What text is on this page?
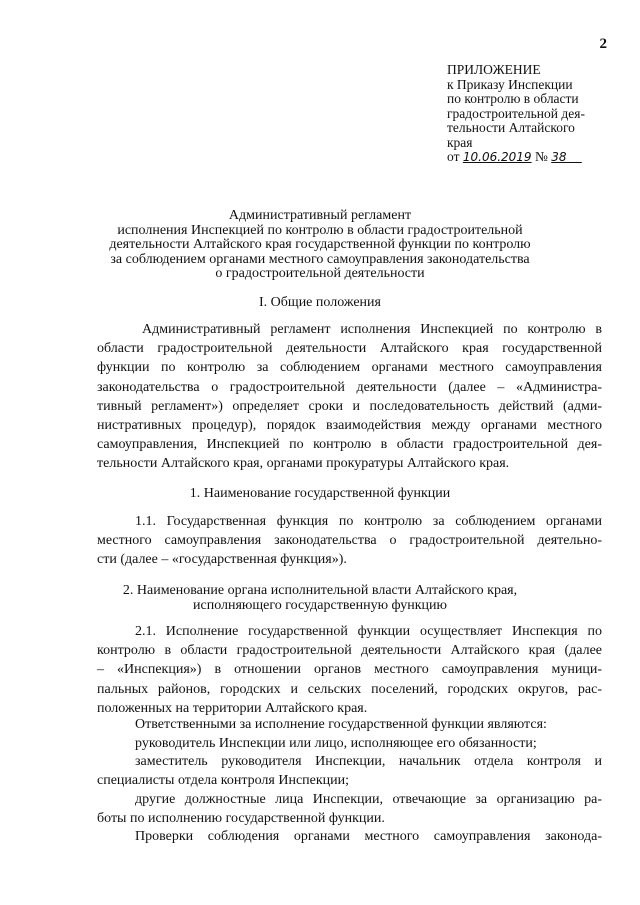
2
ПРИЛОЖЕНИЕ
к Приказу Инспекции
по контролю в области
градостроительной дея-
тельности Алтайского
края
от 10.06.2019 № 38
Административный регламент
исполнения Инспекцией по контролю в области градостроительной
деятельности Алтайского края государственной функции по контролю
за соблюдением органами местного самоуправления законодательства
о градостроительной деятельности
I. Общие положения
Административный регламент исполнения Инспекцией по контролю в
области градостроительной деятельности Алтайского края государственной
функции по контролю за соблюдением органами местного самоуправления
законодательства о градостроительной деятельности (далее – «Администра-
тивный регламент») определяет сроки и последовательность действий (адми-
нистративных процедур), порядок взаимодействия между органами местного
самоуправления, Инспекцией по контролю в области градостроительной дея-
тельности Алтайского края, органами прокуратуры Алтайского края.
1. Наименование государственной функции
1.1. Государственная функция по контролю за соблюдением органами
местного самоуправления законодательства о градостроительной деятельно-
сти (далее – «государственная функция»).
2. Наименование органа исполнительной власти Алтайского края,
исполняющего государственную функцию
2.1. Исполнение государственной функции осуществляет Инспекция по
контролю в области градостроительной деятельности Алтайского края (далее
– «Инспекция») в отношении органов местного самоуправления муници-
пальных районов, городских и сельских поселений, городских округов, рас-
положенных на территории Алтайского края.
Ответственными за исполнение государственной функции являются:
руководитель Инспекции или лицо, исполняющее его обязанности;
заместитель руководителя Инспекции, начальник отдела контроля и
специалисты отдела контроля Инспекции;
другие должностные лица Инспекции, отвечающие за организацию ра-
боты по исполнению государственной функции.
Проверки соблюдения органами местного самоуправления законода-
